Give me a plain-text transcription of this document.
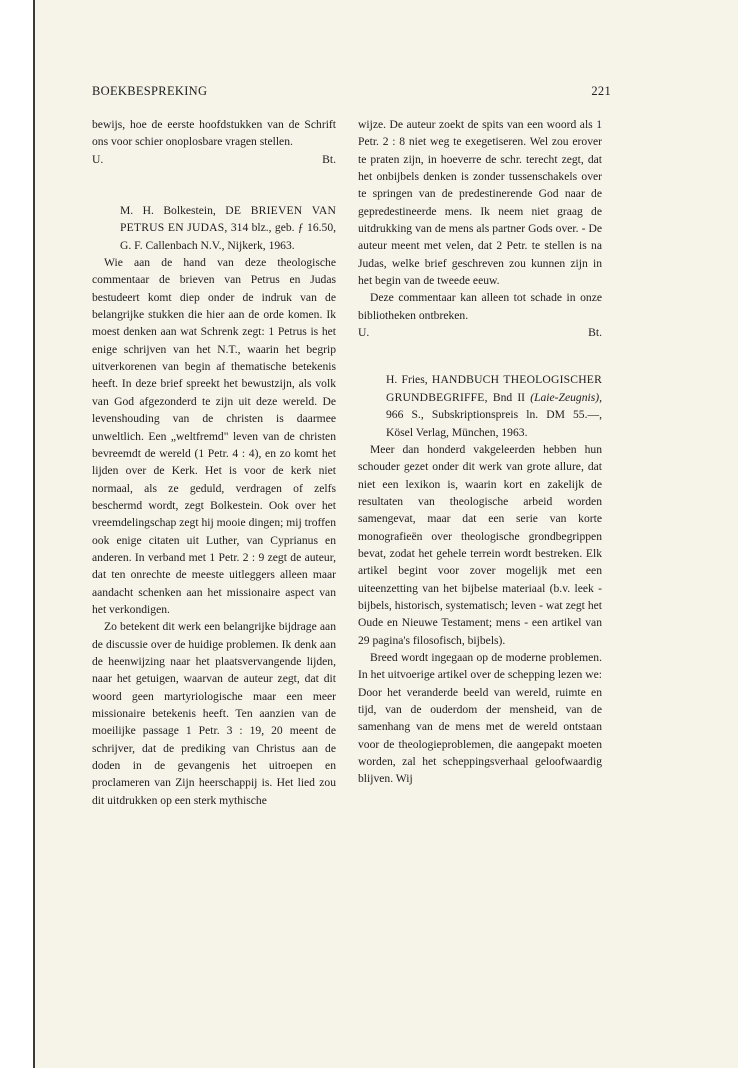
BOEKBESPREKING	221

bewijs, hoe de eerste hoofdstukken van de Schrift ons voor schier onoplosbare vragen stellen.

U.	Bt.

M. H. Bolkestein, DE BRIEVEN VAN PETRUS EN JUDAS, 314 blz., geb. ƒ 16.50, G. F. Callenbach N.V., Nijkerk, 1963.

Wie aan de hand van deze theologische commentaar de brieven van Petrus en Judas bestudeert komt diep onder de indruk van de belangrijke stukken die hier aan de orde komen. Ik moest denken aan wat Schrenk zegt: 1 Petrus is het enige schrijven van het N.T., waarin het begrip uitverkorenen van begin af thematische betekenis heeft. In deze brief spreekt het bewustzijn, als volk van God afgezonderd te zijn uit deze wereld. De levenshouding van de christen is daarmee unweltlich. Een „weltfremd" leven van de christen bevreemdt de wereld (1 Petr. 4 : 4), en zo komt het lijden over de Kerk. Het is voor de kerk niet normaal, als ze geduld, verdragen of zelfs beschermd wordt, zegt Bolkestein. Ook over het vreemdelingschap zegt hij mooie dingen; mij troffen ook enige citaten uit Luther, van Cyprianus en anderen. In verband met 1 Petr. 2 : 9 zegt de auteur, dat ten onrechte de meeste uitleggers alleen maar aandacht schenken aan het missionaire aspect van het verkondigen.

Zo betekent dit werk een belangrijke bijdrage aan de discussie over de huidige problemen. Ik denk aan de heenwijzing naar het plaatsvervangende lijden, naar het getuigen, waarvan de auteur zegt, dat dit woord geen martyriologische maar een meer missionaire betekenis heeft. Ten aanzien van de moeilijke passage 1 Petr. 3 : 19, 20 meent de schrijver, dat de prediking van Christus aan de doden in de gevangenis het uitroepen en proclameren van Zijn heerschappij is. Het lied zou dit uitdrukken op een sterk mythische

wijze. De auteur zoekt de spits van een woord als 1 Petr. 2 : 8 niet weg te exegetiseren. Wel zou erover te praten zijn, in hoeverre de schr. terecht zegt, dat het onbijbels denken is zonder tussenschakels over te springen van de predestinerende God naar de gepredestineerde mens. Ik neem niet graag de uitdrukking van de mens als partner Gods over. - De auteur meent met velen, dat 2 Petr. te stellen is na Judas, welke brief geschreven zou kunnen zijn in het begin van de tweede eeuw.

Deze commentaar kan alleen tot schade in onze bibliotheken ontbreken.

U.	Bt.

H. Fries, HANDBUCH THEOLOGISCHER GRUNDBEGRIFFE, Bnd II (Laie-Zeugnis), 966 S., Subskriptionspreis ln. DM 55.—, Kösel Verlag, München, 1963.

Meer dan honderd vakgeleerden hebben hun schouder gezet onder dit werk van grote allure, dat niet een lexikon is, waarin kort en zakelijk de resultaten van theologische arbeid worden samengevat, maar dat een serie van korte monografieën over theologische grondbegrippen bevat, zodat het gehele terrein wordt bestreken. Elk artikel begint voor zover mogelijk met een uiteenzetting van het bijbelse materiaal (b.v. leek - bijbels, historisch, systematisch; leven - wat zegt het Oude en Nieuwe Testament; mens - een artikel van 29 pagina's filosofisch, bijbels).

Breed wordt ingegaan op de moderne problemen. In het uitvoerige artikel over de schepping lezen we: Door het veranderde beeld van wereld, ruimte en tijd, van de ouderdom der mensheid, van de samenhang van de mens met de wereld ontstaan voor de theologieproblemen, die aangepakt moeten worden, zal het scheppingsverhaal geloofwaardig blijven. Wij
